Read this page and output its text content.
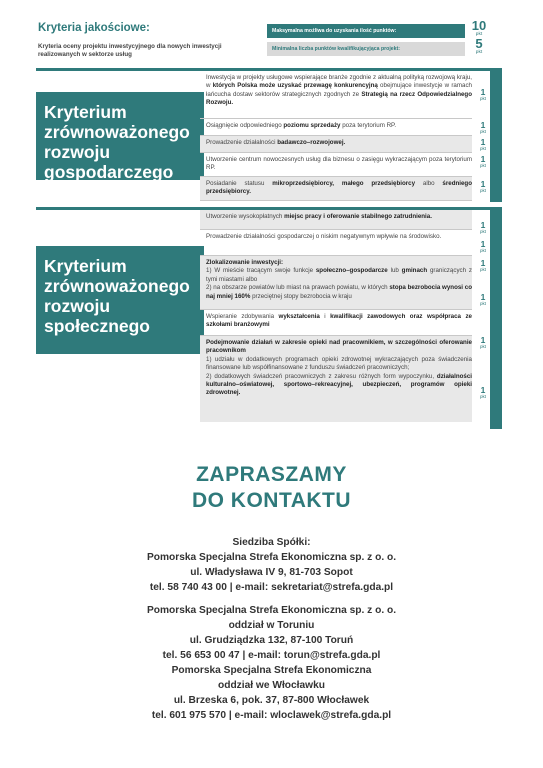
Kryteria jakościowe:
Kryteria oceny projektu inwestycyjnego dla nowych inwestycji realizowanych w sektorze usług
Maksymalna możliwa do uzyskania ilość punktów:	10
pkt
Minimalna liczba punktów kwalifikującyjąca projekt:	5
pkt
Kryterium zrównoważonego rozwoju gospodarczego
Inwestycja w projekty usługowe wspierające branże zgodnie z aktualną polityką rozwojową kraju, w których Polska może uzyskać przewagę konkurencyjną obejmujące inwestycje w ramach łańcucha dostaw sektorów strategicznych zgodnych ze Strategią na rzecz Odpowiedzialnego Rozwoju.
Osiągnięcie odpowiedniego poziomu sprzedaży poza terytorium RP.
Prowadzenie działalności badawczo–rozwojowej.
Utworzenie centrum nowoczesnych usług dla biznesu o zasięgu wykraczającym poza terytorium RP.
Posiadanie statusu mikroprzedsiębiorcy, małego przedsiębiorcy albo średniego przedsiębiorcy.
1
pkt
1
pkt
1
pkt
1
pkt
1
pkt
Kryterium zrównoważonego rozwoju społecznego
Utworzenie wysokopłatnych miejsc pracy i oferowanie stabilnego zatrudnienia.
Prowadzenie działalności gospodarczej o niskim negatywnym wpływie na środowisko.
Zlokalizowanie inwestycji:
1) W mieście tracącym swoje funkcje społeczno–gospodarcze lub gminach graniczących z tymi miastami albo
2) na obszarze powiatów lub miast na prawach powiatu, w których stopa bezrobocia wynosi co naj mniej 160% przeciętnej stopy bezrobocia w kraju
Wspieranie zdobywania wykształcenia i kwalifikacji zawodowych oraz współpraca ze szkołami branżowymi
Podejmowanie działań w zakresie opieki nad pracownikiem, w szczególności oferowanie pracownikom
1) udziału w dodatkowych programach opieki zdrowotnej wykraczających poza świadczenia finansowane lub współfinansowane z funduszu świadczeń pracowniczych;
2) dodatkowych świadczeń pracowniczych z zakresu różnych form wypoczynku, działalności kulturalno–oświatowej, sportowo–rekreacyjnej, ubezpieczeń, programów opieki zdrowotnej.
1
pkt
1
pkt
1
pkt
1
pkt
1
pkt
1
pkt
ZAPRASZAMY
DO KONTAKTU
Siedziba Spółki:
Pomorska Specjalna Strefa Ekonomiczna sp. z o. o.
ul. Władysława IV 9, 81-703 Sopot
tel. 58 740 43 00 | e-mail: sekretariat@strefa.gda.pl
Pomorska Specjalna Strefa Ekonomiczna sp. z o. o.
oddział w Toruniu
ul. Grudziądzka 132, 87-100 Toruń
tel. 56 653 00 47 | e-mail: torun@strefa.gda.pl
Pomorska Specjalna Strefa Ekonomiczna
oddział we Włocławku
ul. Brzeska 6, pok. 37, 87-800 Włocławek
tel. 601 975 570 | e-mail: wloclawek@strefa.gda.pl
